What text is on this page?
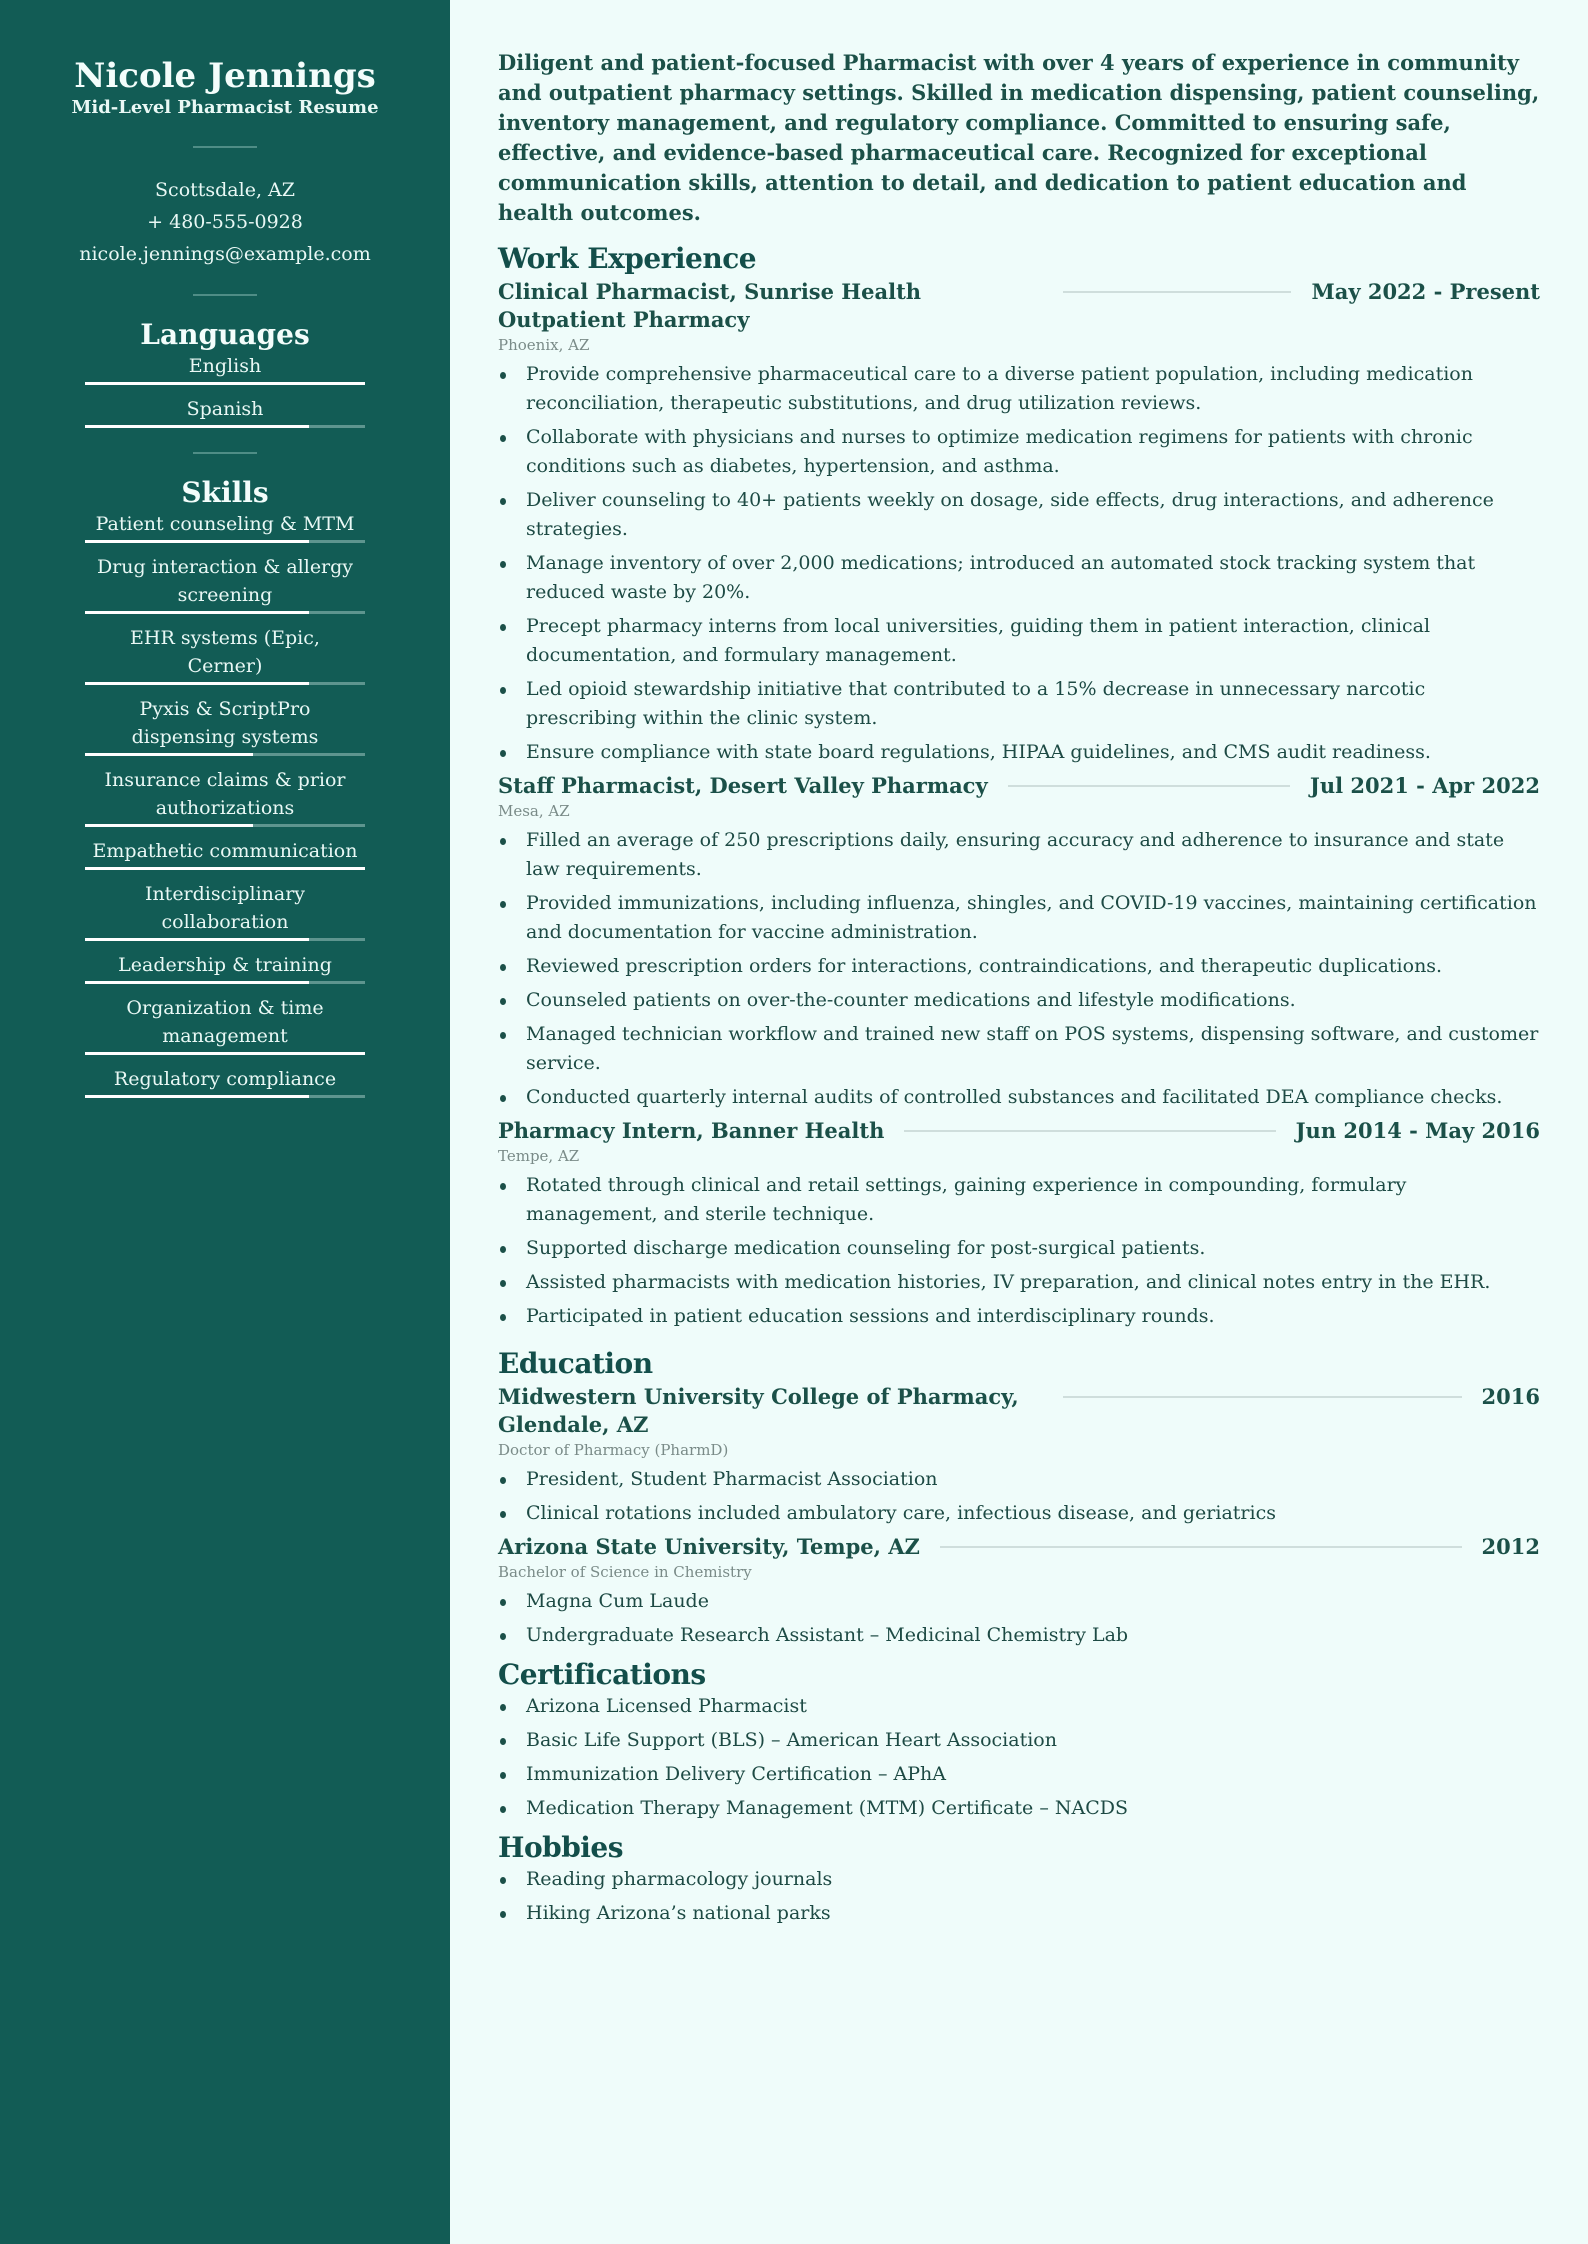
Nicole Jennings
Mid-Level Pharmacist Resume
Scottsdale, AZ
+ 480-555-0928
nicole.jennings@example.com
Languages
English
Spanish
Skills
Patient counseling & MTM
Drug interaction & allergy screening
EHR systems (Epic, Cerner)
Pyxis & ScriptPro dispensing systems
Insurance claims & prior authorizations
Empathetic communication
Interdisciplinary collaboration
Leadership & training
Organization & time management
Regulatory compliance

Diligent and patient-focused Pharmacist with over 4 years of experience in community and outpatient pharmacy settings. Skilled in medication dispensing, patient counseling, inventory management, and regulatory compliance. Committed to ensuring safe, effective, and evidence-based pharmaceutical care. Recognized for exceptional communication skills, attention to detail, and dedication to patient education and health outcomes.

Work Experience
Clinical Pharmacist, Sunrise Health Outpatient Pharmacy
May 2022 - Present
Phoenix, AZ
Provide comprehensive pharmaceutical care to a diverse patient population, including medication reconciliation, therapeutic substitutions, and drug utilization reviews.
Collaborate with physicians and nurses to optimize medication regimens for patients with chronic conditions such as diabetes, hypertension, and asthma.
Deliver counseling to 40+ patients weekly on dosage, side effects, drug interactions, and adherence strategies.
Manage inventory of over 2,000 medications; introduced an automated stock tracking system that reduced waste by 20%.
Precept pharmacy interns from local universities, guiding them in patient interaction, clinical documentation, and formulary management.
Led opioid stewardship initiative that contributed to a 15% decrease in unnecessary narcotic prescribing within the clinic system.
Ensure compliance with state board regulations, HIPAA guidelines, and CMS audit readiness.
Staff Pharmacist, Desert Valley Pharmacy	Jul 2021 - Apr 2022
Mesa, AZ
Filled an average of 250 prescriptions daily, ensuring accuracy and adherence to insurance and state law requirements.
Provided immunizations, including influenza, shingles, and COVID-19 vaccines, maintaining certification and documentation for vaccine administration.
Reviewed prescription orders for interactions, contraindications, and therapeutic duplications.
Counseled patients on over-the-counter medications and lifestyle modifications.
Managed technician workflow and trained new staff on POS systems, dispensing software, and customer service.
Conducted quarterly internal audits of controlled substances and facilitated DEA compliance checks.
Pharmacy Intern, Banner Health	Jun 2014 - May 2016
Tempe, AZ
Rotated through clinical and retail settings, gaining experience in compounding, formulary management, and sterile technique.
Supported discharge medication counseling for post-surgical patients.
Assisted pharmacists with medication histories, IV preparation, and clinical notes entry in the EHR.
Participated in patient education sessions and interdisciplinary rounds.
Education
Midwestern University College of Pharmacy, Glendale, AZ
2016
Doctor of Pharmacy (PharmD)
President, Student Pharmacist Association
Clinical rotations included ambulatory care, infectious disease, and geriatrics
Arizona State University, Tempe, AZ	2012
Bachelor of Science in Chemistry
Magna Cum Laude
Undergraduate Research Assistant – Medicinal Chemistry Lab
Certifications
Arizona Licensed Pharmacist
Basic Life Support (BLS) – American Heart Association
Immunization Delivery Certification – APhA
Medication Therapy Management (MTM) Certificate – NACDS
Hobbies
Reading pharmacology journals
Hiking Arizona’s national parks
